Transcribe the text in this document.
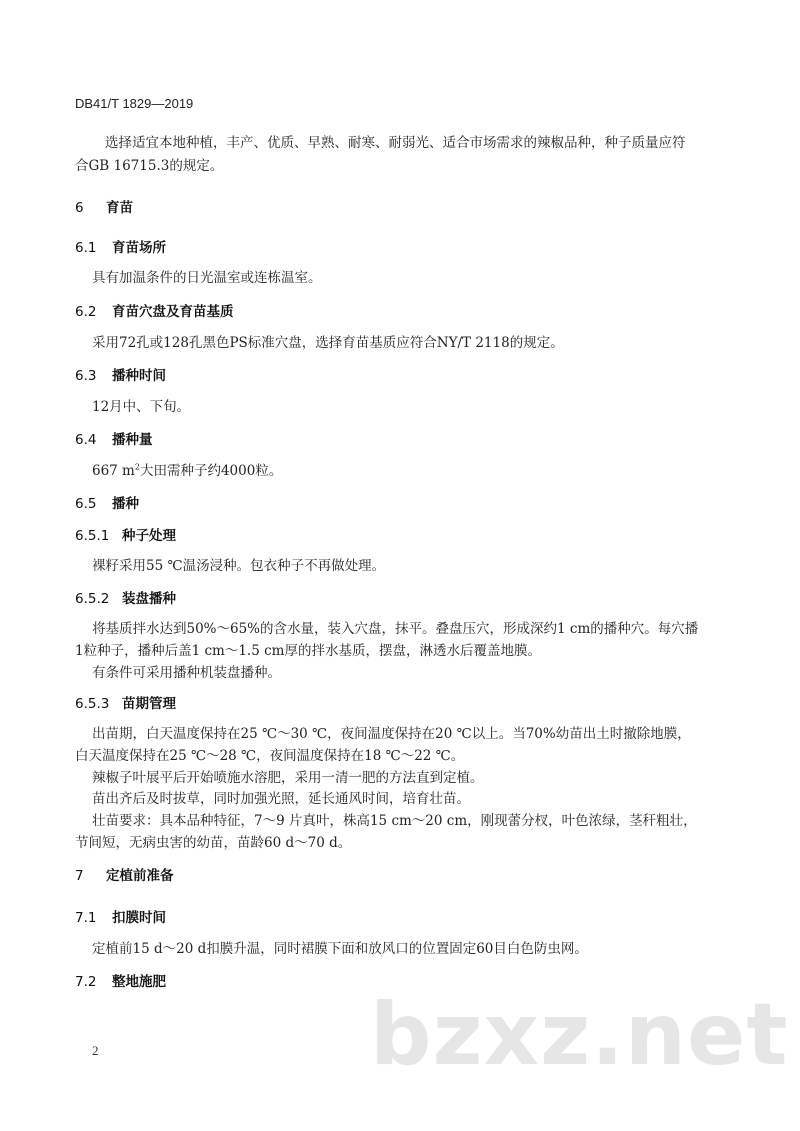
DB41/T 1829—2019
选择适宜本地种植，丰产、优质、早熟、耐寒、耐弱光、适合市场需求的辣椒品种，种子质量应符
合GB 16715.3的规定。
6 育苗
6.1 育苗场所
具有加温条件的日光温室或连栋温室。
6.2 育苗穴盘及育苗基质
采用72孔或128孔黑色PS标准穴盘，选择育苗基质应符合NY/T 2118的规定。
6.3 播种时间
12月中、下旬。
6.4 播种量
667 $m^2$大田需种子约4000粒。
6.5 播种
6.5.1 种子处理
裸籽采用55 ℃温汤浸种。包衣种子不再做处理。
6.5.2 装盘播种
将基质拌水达到50%～65%的含水量，装入穴盘，抹平。叠盘压穴，形成深约1 cm的播种穴。每穴播
1粒种子，播种后盖1 cm～1.5 cm厚的拌水基质，摆盘，淋透水后覆盖地膜。
有条件可采用播种机装盘播种。
6.5.3 苗期管理
出苗期，白天温度保持在25 ℃～30 ℃，夜间温度保持在20 ℃以上。当70%幼苗出土时撤除地膜，
白天温度保持在25 ℃～28 ℃，夜间温度保持在18 ℃～22 ℃。
辣椒子叶展平后开始喷施水溶肥，采用一清一肥的方法直到定植。
苗出齐后及时拔草，同时加强光照，延长通风时间，培育壮苗。
壮苗要求：具本品种特征，7～9 片真叶，株高15 cm～20 cm，刚现蕾分杈，叶色浓绿，茎秆粗壮，
节间短，无病虫害的幼苗，苗龄60 d～70 d。
7 定植前准备
7.1 扣膜时间
定植前15 d～20 d扣膜升温，同时裙膜下面和放风口的位置固定60目白色防虫网。
7.2 整地施肥
bzxz.net
2
